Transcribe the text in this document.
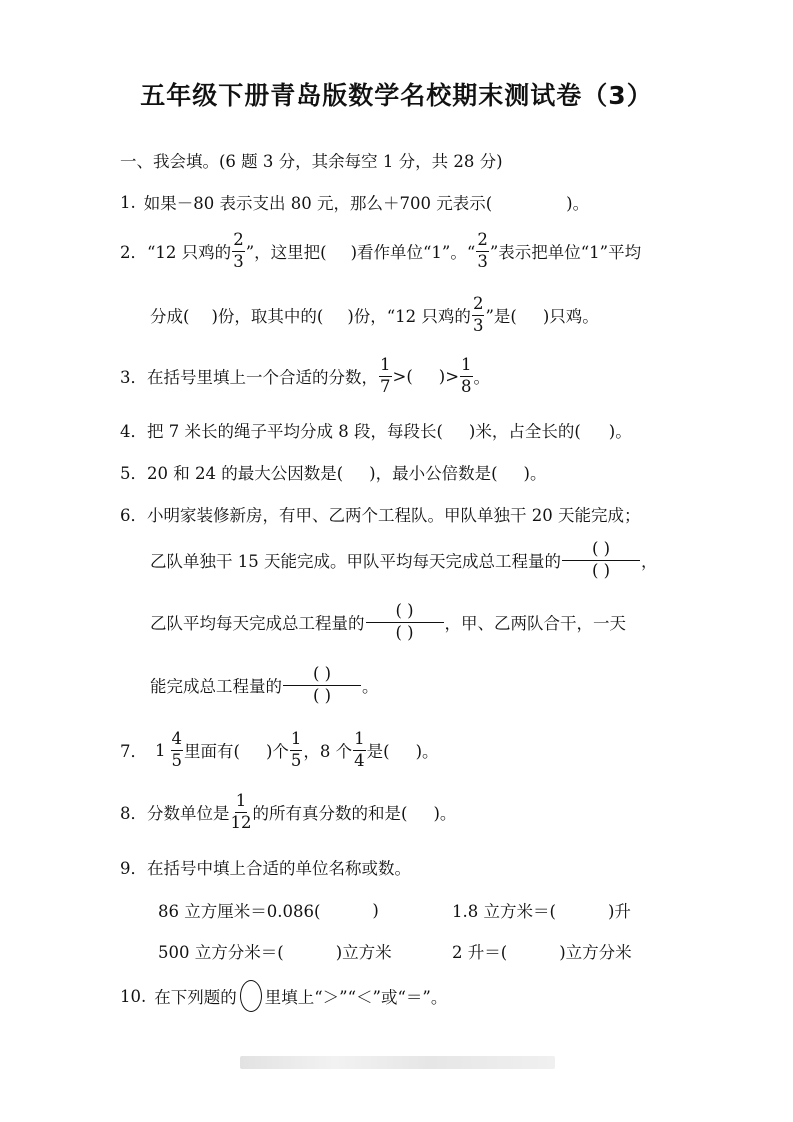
五年级下册青岛版数学名校期末测试卷（3）
一、我会填。(6 题 3 分，其余每空 1 分，共 28 分)
1. 如果－80 表示支出 80 元，那么＋700 元表示(	)。
2． “12 只鸡的 $\frac{2}{3}$ ”，这里把( )看作单位“1”。“ $\frac{2}{3}$ ”表示把单位“1”平均
分成( )份，取其中的( )份，“12 只鸡的 $\frac{2}{3}$ ”是( )只鸡。
3． 在括号里填上一个合适的分数， $\frac{1}{7}$ >( )> $\frac{1}{8}$ 。
4． 把 7 米长的绳子平均分成 8 段，每段长( )米，占全长的( )。
5． 20 和 24 的最大公因数是( )，最小公倍数是( )。
6． 小明家装修新房，有甲、乙两个工程队。甲队单独干 20 天能完成；
乙队单独干 15 天能完成。甲队平均每天完成总工程量的 $\frac{( )}{( )}$ ，
乙队平均每天完成总工程量的 $\frac{( )}{( )}$ ，甲、乙两队合干，一天
能完成总工程量的 $\frac{( )}{( )}$ 。
7． $1 \frac{4}{5}$ 里面有( )个 $\frac{1}{5}$ ，8 个 $\frac{1}{4}$ 是( )。
8． 分数单位是 $\frac{1}{12}$ 的所有真分数的和是( )。
9． 在括号中填上合适的单位名称或数。
86 立方厘米＝0.086(	)	1.8 立方米＝(	)升
500 立方分米＝(	)立方米	2 升＝(	)立方分米
10. 在下列题的 里填上“＞”“＜”或“＝”。
